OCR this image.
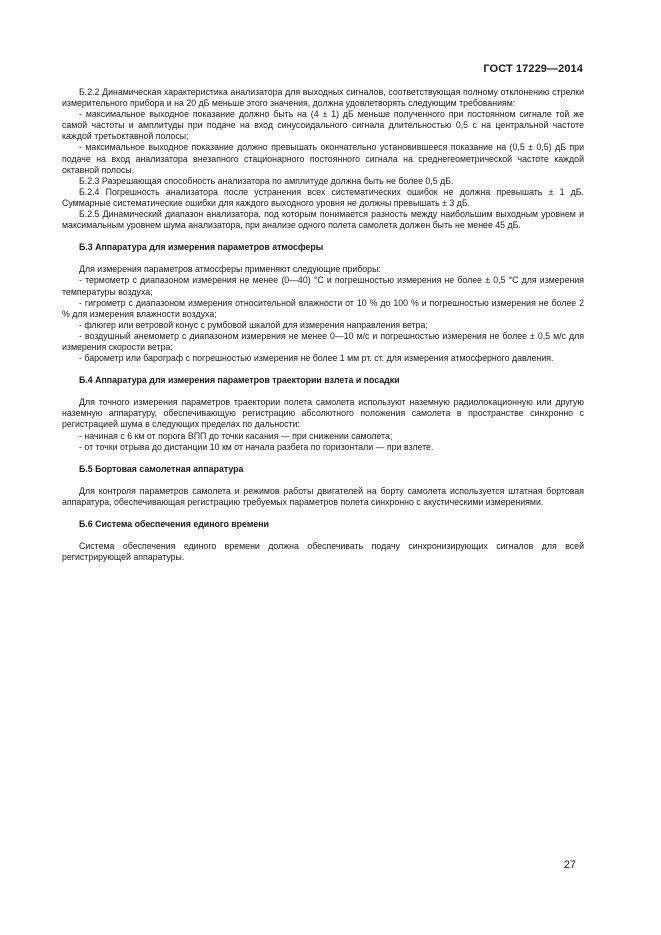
ГОСТ 17229—2014

Б.2.2 Динамическая характеристика анализатора для выходных сигналов, соответствующая полному отклонению стрелки измерительного прибора и на 20 дБ меньше этого значения, должна удовлетворять следующим требованиям:

- максимальное выходное показание должно быть на (4 ± 1) дБ меньше полученного при постоянном сигнале той же самой частоты и амплитуды при подаче на вход синусоидального сигнала длительностью 0,5 с на центральной частоте каждой третьоктавной полосы;

- максимальное выходное показание должно превышать окончательно установившееся показание на (0,5 ± 0,5) дБ при подаче на вход анализатора внезапного стационарного постоянного сигнала на среднегеометрической частоте каждой октавной полосы.

Б.2.3 Разрешающая способность анализатора по амплитуде должна быть не более 0,5 дБ.

Б.2.4 Погрешность анализатора после устранения всех систематических ошибок не должна превышать ± 1 дБ. Суммарные систематические ошибки для каждого выходного уровня не должны превышать ± 3 дБ.

Б.2.5 Динамический диапазон анализатора, под которым понимается разность между наибольшим выходным уровнем и максимальным уровнем шума анализатора, при анализе одного полета самолета должен быть не менее 45 дБ.

Б.3 Аппаратура для измерения параметров атмосферы

Для измерения параметров атмосферы применяют следующие приборы:

- термометр с диапазоном измерения не менее (0—40) °С и погрешностью измерения не более ± 0,5 °С для измерения температуры воздуха;

- гигрометр с диапазоном измерения относительной влажности от 10 % до 100 % и погрешностью измерения не более 2 % для измерения влажности воздуха;

- флюгер или ветровой конус с румбовой шкалой для измерения направления ветра;

- воздушный анемометр с диапазоном измерения не менее 0—10 м/с и погрешностью измерения не более ± 0,5 м/с для измерения скорости ветра;

- барометр или барограф с погрешностью измерения не более 1 мм рт. ст. для измерения атмосферного давления.

Б.4 Аппаратура для измерения параметров траектории взлета и посадки

Для точного измерения параметров траектории полета самолета используют наземную радиолокационную или другую наземную аппаратуру, обеспечивающую регистрацию абсолютного положения самолета в пространстве синхронно с регистрацией шума в следующих пределах по дальности:

- начиная с 6 км от порога ВПП до точки касания — при снижении самолета;

- от точки отрыва до дистанции 10 км от начала разбега по горизонтали — при взлете.

Б.5 Бортовая самолетная аппаратура

Для контроля параметров самолета и режимов работы двигателей на борту самолета используется штатная бортовая аппаратура, обеспечивающая регистрацию требуемых параметров полета синхронно с акустическими измерениями.

Б.6 Система обеспечения единого времени

Система обеспечения единого времени должна обеспечивать подачу синхронизирующих сигналов для всей регистрирующей аппаратуры.

27
